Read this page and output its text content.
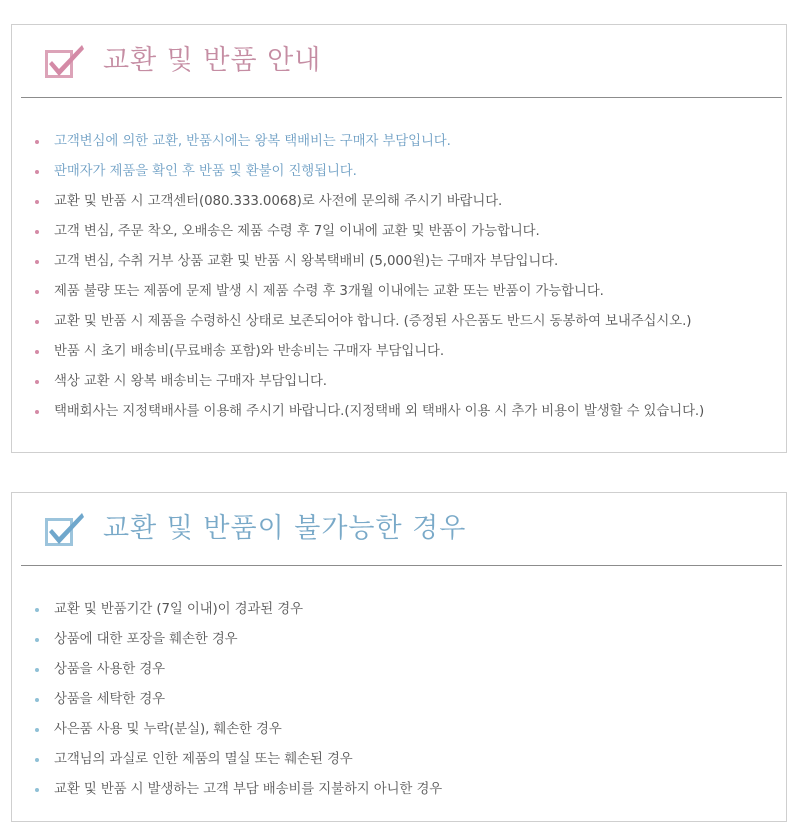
교환 및 반품 안내
고객변심에 의한 교환, 반품시에는 왕복 택배비는 구매자 부담입니다.
판매자가 제품을 확인 후 반품 및 환불이 진행됩니다.
교환 및 반품 시 고객센터(080.333.0068)로 사전에 문의해 주시기 바랍니다.
고객 변심, 주문 착오, 오배송은 제품 수령 후 7일 이내에 교환 및 반품이 가능합니다.
고객 변심, 수취 거부 상품 교환 및 반품 시 왕복택배비 (5,000원)는 구매자 부담입니다.
제품 불량 또는 제품에 문제 발생 시 제품 수령 후 3개월 이내에는 교환 또는 반품이 가능합니다.
교환 및 반품 시 제품을 수령하신 상태로 보존되어야 합니다. (증정된 사은품도 반드시 동봉하여 보내주십시오.)
반품 시 초기 배송비(무료배송 포함)와 반송비는 구매자 부담입니다.
색상 교환 시 왕복 배송비는 구매자 부담입니다.
택배회사는 지정택배사를 이용해 주시기 바랍니다.(지정택배 외 택배사 이용 시 추가 비용이 발생할 수 있습니다.)
교환 및 반품이 불가능한 경우
교환 및 반품기간 (7일 이내)이 경과된 경우
상품에 대한 포장을 훼손한 경우
상품을 사용한 경우
상품을 세탁한 경우
사은품 사용 및 누락(분실), 훼손한 경우
고객님의 과실로 인한 제품의 멸실 또는 훼손된 경우
교환 및 반품 시 발생하는 고객 부담 배송비를 지불하지 아니한 경우
